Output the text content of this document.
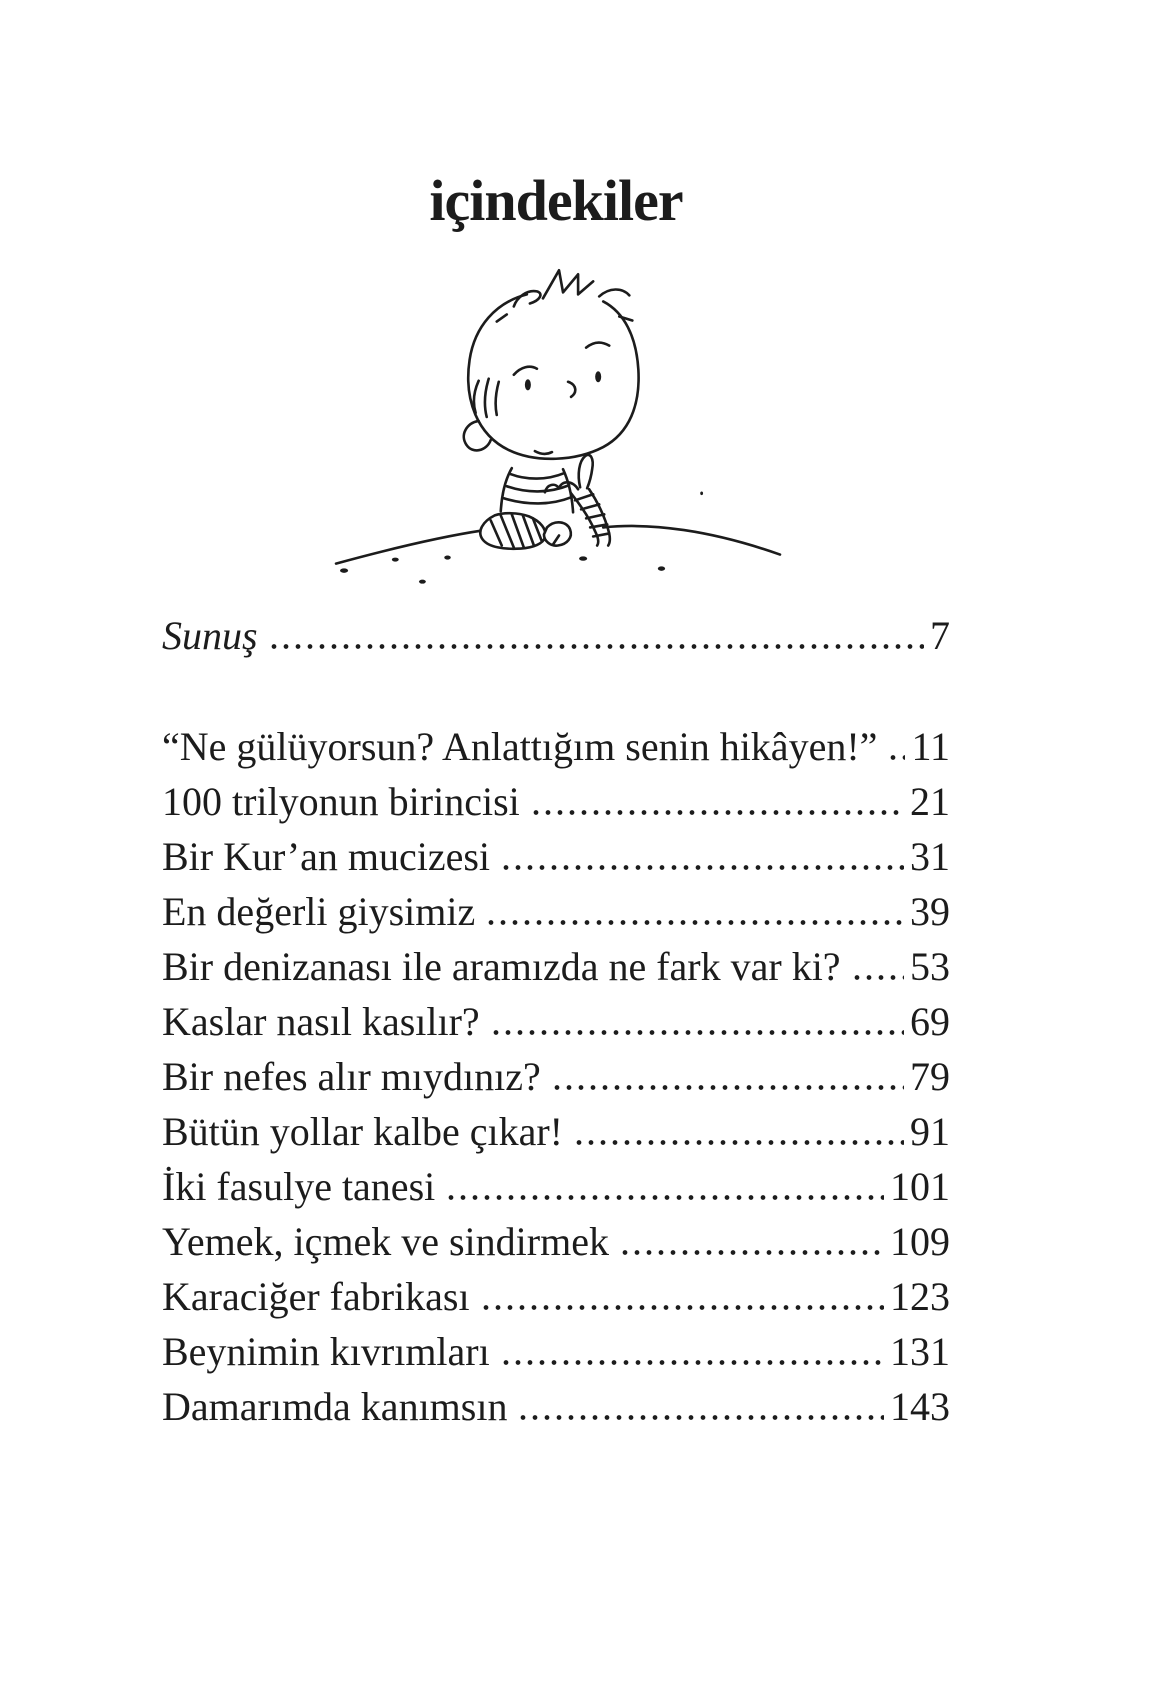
içindekiler
Sunuş	7
“Ne gülüyorsun? Anlattığım senin hikâyen!” 11
100 trilyonun birincisi	21
Bir Kur’an mucizesi	31
En değerli giysimiz	39
Bir denizanası ile aramızda ne fark var ki? 53
Kaslar nasıl kasılır?	69
Bir nefes alır mıydınız?	79
Bütün yollar kalbe çıkar!	91
İki fasulye tanesi	101
Yemek, içmek ve sindirmek	109
Karaciğer fabrikası	123
Beynimin kıvrımları	131
Damarımda kanımsın	143
